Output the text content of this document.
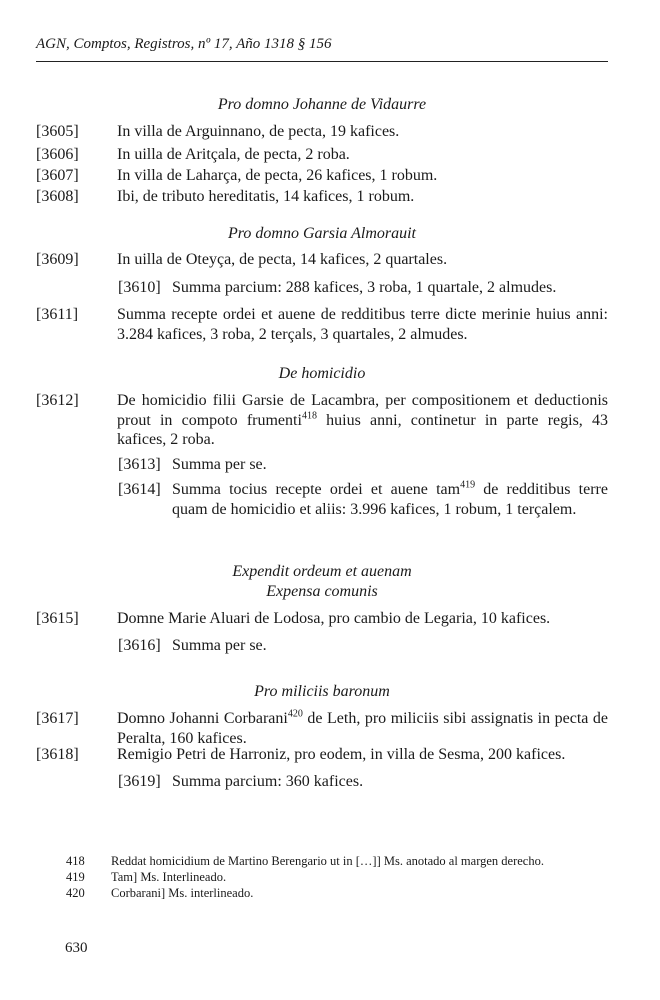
AGN, Comptos, Registros, nº 17, Año 1318 § 156
Pro domno Johanne de Vidaurre
[3605] In villa de Arguinnano, de pecta, 19 kafices.
[3606] In uilla de Aritçala, de pecta, 2 roba.
[3607] In villa de Laharça, de pecta, 26 kafices, 1 robum.
[3608] Ibi, de tributo hereditatis, 14 kafices, 1 robum.
Pro domno Garsia Almorauit
[3609] In uilla de Oteyça, de pecta, 14 kafices, 2 quartales.
[3610] Summa parcium: 288 kafices, 3 roba, 1 quartale, 2 almudes.
[3611] Summa recepte ordei et auene de redditibus terre dicte merinie huius anni: 3.284 kafices, 3 roba, 2 terçals, 3 quartales, 2 almudes.
De homicidio
[3612] De homicidio filii Garsie de Lacambra, per compositionem et deductionis prout in compoto frumenti$^{418}$ huius anni, continetur in parte regis, 43 kafices, 2 roba.
[3613] Summa per se.
[3614] Summa tocius recepte ordei et auene tam$^{419}$ de redditibus terre quam de homicidio et aliis: 3.996 kafices, 1 robum, 1 terçalem.
Expendit ordeum et auenam
Expensa comunis
[3615] Domne Marie Aluari de Lodosa, pro cambio de Legaria, 10 kafices.
[3616] Summa per se.
Pro miliciis baronum
[3617] Domno Johanni Corbarani$^{420}$ de Leth, pro miliciis sibi assignatis in pecta de Peralta, 160 kafices.
[3618] Remigio Petri de Harroniz, pro eodem, in villa de Sesma, 200 kafices.
[3619] Summa parcium: 360 kafices.
418 Reddat homicidium de Martino Berengario ut in […]] Ms. anotado al margen derecho.
419 Tam] Ms. Interlineado.
420 Corbarani] Ms. interlineado.
630
